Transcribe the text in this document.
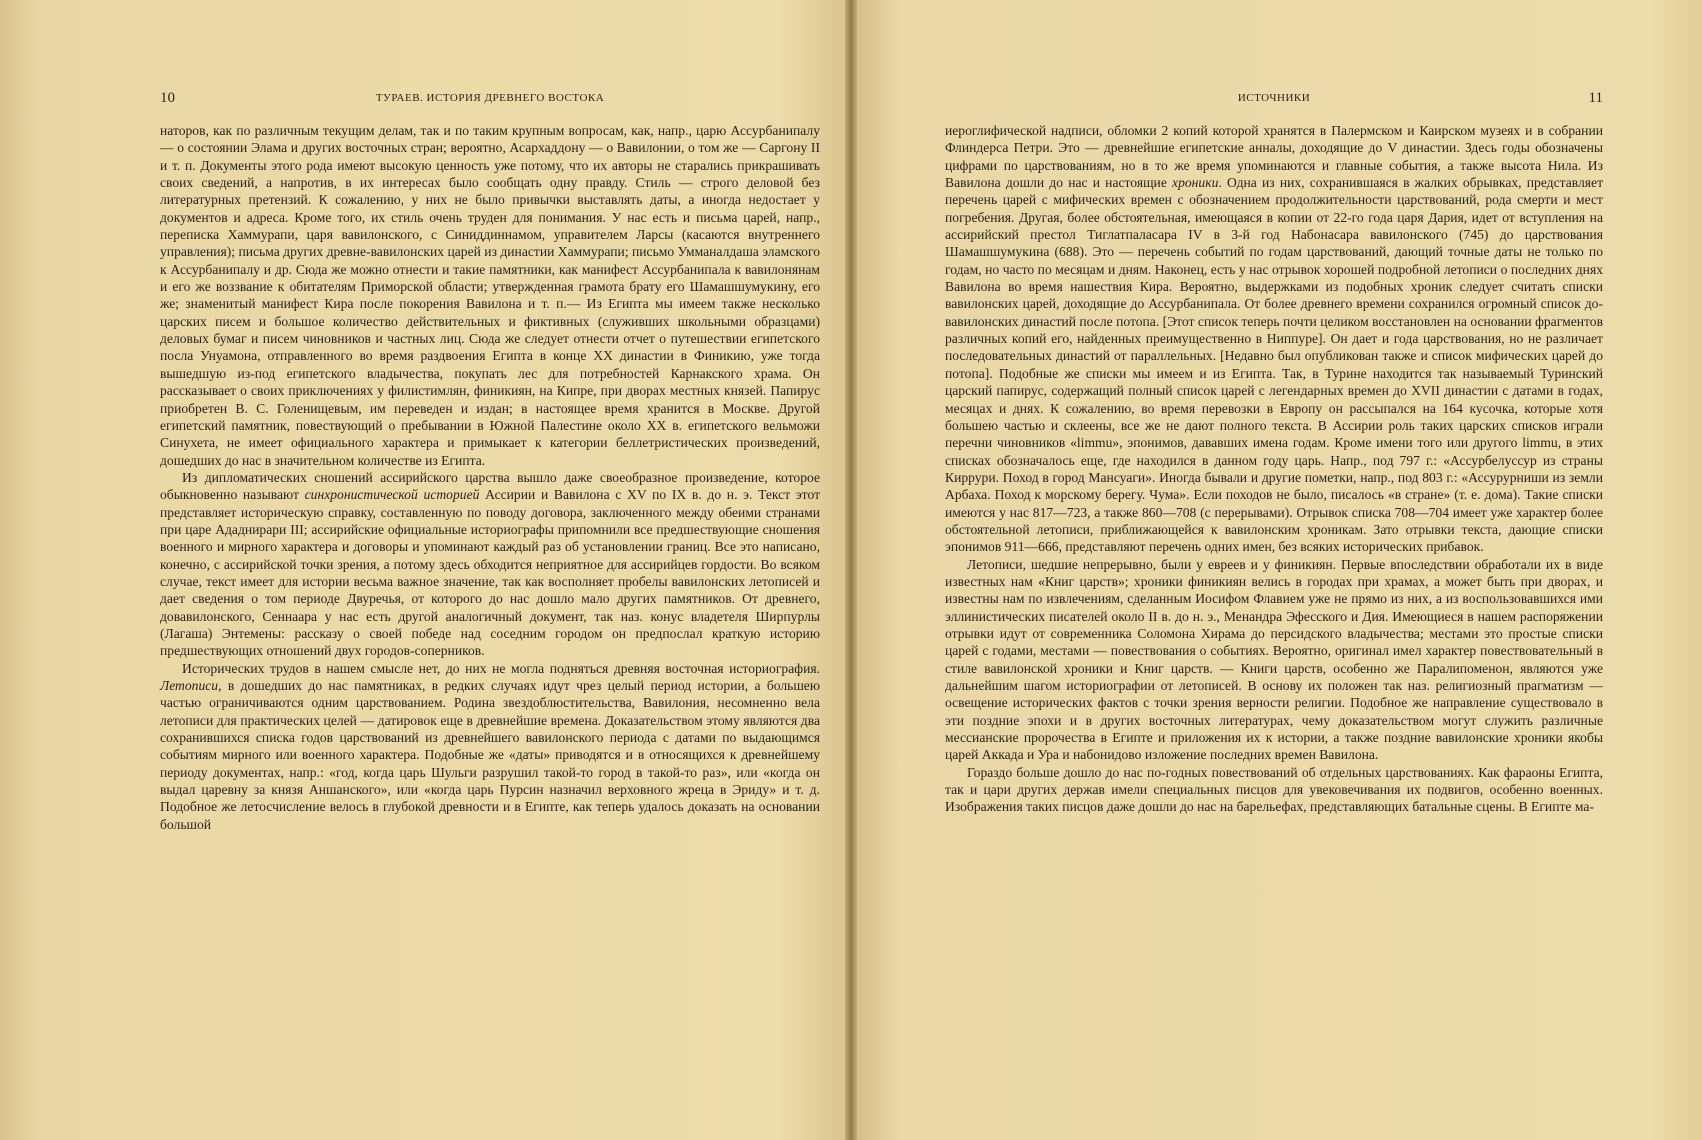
10	ТУРАЕВ. ИСТОРИЯ ДРЕВНЕГО ВОСТОКА

наторов, как по различным текущим делам, так и по таким крупным вопросам, как, напр., царю Ассурбанипалу — о состоянии Элама и других восточных стран; вероятно, Асархаддону — о Вавилонии, о том же — Саргону II и т. п. Документы этого рода имеют высокую ценность уже потому, что их авторы не старались прикрашивать своих сведений, а напротив, в их интересах было сообщать одну правду. Стиль — строго деловой без литературных претензий. К сожалению, у них не было привычки выставлять даты, а иногда недостает у документов и адреса. Кроме того, их стиль очень труден для понимания. У нас есть и письма царей, напр., переписка Хаммурапи, царя вавилонского, с Синиддиннамом, управителем Ларсы (касаются внутреннего управления); письма других древне-вавилонских царей из династии Хаммурапи; письмо Умманалдаша эламского к Ассурбанипалу и др. Сюда же можно отнести и такие памятники, как манифест Ассурбанипала к вавилонянам и его же воззвание к обитателям Приморской области; утвержденная грамота брату его Шамашшумукину, его же; знаменитый манифест Кира после покорения Вавилона и т. п.— Из Египта мы имеем также несколько царских писем и большое количество действительных и фиктивных (служивших школьными образцами) деловых бумаг и писем чиновников и частных лиц. Сюда же следует отнести отчет о путешествии египетского посла Унуамона, отправленного во время раздвоения Египта в конце XX династии в Финикию, уже тогда вышедшую из-под египетского владычества, покупать лес для потребностей Карнакского храма. Он рассказывает о своих приключениях у филистимлян, финикиян, на Кипре, при дворах местных князей. Папирус приобретен В. С. Голенищевым, им переведен и издан; в настоящее время хранится в Москве. Другой египетский памятник, повествующий о пребывании в Южной Палестине около XX в. египетского вельможи Синухета, не имеет официального характера и примыкает к категории беллетристических произведений, дошедших до нас в значительном количестве из Египта.

Из дипломатических сношений ассирийского царства вышло даже своеобразное произведение, которое обыкновенно называют синхронистической историей Ассирии и Вавилона с XV по IX в. до н. э. Текст этот представляет историческую справку, составленную по поводу договора, заключенного между обеими странами при царе Ададнирари III; ассирийские официальные историографы припомнили все предшествующие сношения военного и мирного характера и договоры и упоминают каждый раз об установлении границ. Все это написано, конечно, с ассирийской точки зрения, а потому здесь обходится неприятное для ассирийцев гордости. Во всяком случае, текст имеет для истории весьма важное значение, так как восполняет пробелы вавилонских летописей и дает сведения о том периоде Двуречья, от которого до нас дошло мало других памятников. От древнего, довавилонского, Сеннаара у нас есть другой аналогичный документ, так наз. конус владетеля Ширпурлы (Лагаша) Энтемены: рассказу о своей победе над соседним городом он предпослал краткую историю предшествующих отношений двух городов-соперников.

Исторических трудов в нашем смысле нет, до них не могла подняться древняя восточная историография. Летописи, в дошедших до нас памятниках, в редких случаях идут чрез целый период истории, а большею частью ограничиваются одним царствованием. Родина звездоблюстительства, Вавилония, несомненно вела летописи для практических целей — датировок еще в древнейшие времена. Доказательством этому являются два сохранившихся списка годов царствований из древнейшего вавилонского периода с датами по выдающимся событиям мирного или военного характера. Подобные же «даты» приводятся и в относящихся к древнейшему периоду документах, напр.: «год, когда царь Шульги разрушил такой-то город в такой-то раз», или «когда он выдал царевну за князя Аншанского», или «когда царь Пурсин назначил верховного жреца в Эриду» и т. д. Подобное же летосчисление велось в глубокой древности и в Египте, как теперь удалось доказать на основании большой

ИСТОЧНИКИ	11

иероглифической надписи, обломки 2 копий которой хранятся в Палермском и Каирском музеях и в собрании Флиндерса Петри. Это — древнейшие египетские анналы, доходящие до V династии. Здесь годы обозначены цифрами по царствованиям, но в то же время упоминаются и главные события, а также высота Нила. Из Вавилона дошли до нас и настоящие хроники. Одна из них, сохранившаяся в жалких обрывках, представляет перечень царей с мифических времен с обозначением продолжительности царствований, рода смерти и мест погребения. Другая, более обстоятельная, имеющаяся в копии от 22-го года царя Дария, идет от вступления на ассирийский престол Тиглатпаласара IV в 3-й год Набонасара вавилонского (745) до царствования Шамашшумукина (688). Это — перечень событий по годам царствований, дающий точные даты не только по годам, но часто по месяцам и дням. Наконец, есть у нас отрывок хорошей подробной летописи о последних днях Вавилона во время нашествия Кира. Вероятно, выдержками из подобных хроник следует считать списки вавилонских царей, доходящие до Ассурбанипала. От более древнего времени сохранился огромный список до-вавилонских династий после потопа. [Этот список теперь почти целиком восстановлен на основании фрагментов различных копий его, найденных преимущественно в Ниппуре]. Он дает и года царствования, но не различает последовательных династий от параллельных. [Недавно был опубликован также и список мифических царей до потопа]. Подобные же списки мы имеем и из Египта. Так, в Турине находится так называемый Туринский царский папирус, содержащий полный список царей с легендарных времен до XVII династии с датами в годах, месяцах и днях. К сожалению, во время перевозки в Европу он рассыпался на 164 кусочка, которые хотя большею частью и склеены, все же не дают полного текста. В Ассирии роль таких царских списков играли перечни чиновников «limmu», эпонимов, дававших имена годам. Кроме имени того или другого limmu, в этих списках обозначалось еще, где находился в данном году царь. Напр., под 797 г.: «Ассурбелуссур из страны Киррури. Поход в город Мансуаги». Иногда бывали и другие пометки, напр., под 803 г.: «Ассурурниши из земли Арбаха. Поход к морскому берегу. Чума». Если походов не было, писалось «в стране» (т. е. дома). Такие списки имеются у нас 817—723, а также 860—708 (с перерывами). Отрывок списка 708—704 имеет уже характер более обстоятельной летописи, приближающейся к вавилонским хроникам. Зато отрывки текста, дающие списки эпонимов 911—666, представляют перечень одних имен, без всяких исторических прибавок.

Летописи, шедшие непрерывно, были у евреев и у финикиян. Первые впоследствии обработали их в виде известных нам «Книг царств»; хроники финикиян велись в городах при храмах, а может быть при дворах, и известны нам по извлечениям, сделанным Иосифом Флавием уже не прямо из них, а из воспользовавшихся ими эллинистических писателей около II в. до н. э., Менандра Эфесского и Дия. Имеющиеся в нашем распоряжении отрывки идут от современника Соломона Хирама до персидского владычества; местами это простые списки царей с годами, местами — повествования о событиях. Вероятно, оригинал имел характер повествовательный в стиле вавилонской хроники и Книг царств. — Книги царств, особенно же Паралипоменон, являются уже дальнейшим шагом историографии от летописей. В основу их положен так наз. религиозный прагматизм — освещение исторических фактов с точки зрения верности религии. Подобное же направление существовало в эти поздние эпохи и в других восточных литературах, чему доказательством могут служить различные мессианские пророчества в Египте и приложения их к истории, а также поздние вавилонские хроники якобы царей Аккада и Ура и набонидово изложение последних времен Вавилона.

Гораздо больше дошло до нас по-годных повествований об отдельных царствованиях. Как фараоны Египта, так и цари других держав имели специальных писцов для увековечивания их подвигов, особенно военных. Изображения таких писцов даже дошли до нас на барельефах, представляющих батальные сцены. В Египте ма-
